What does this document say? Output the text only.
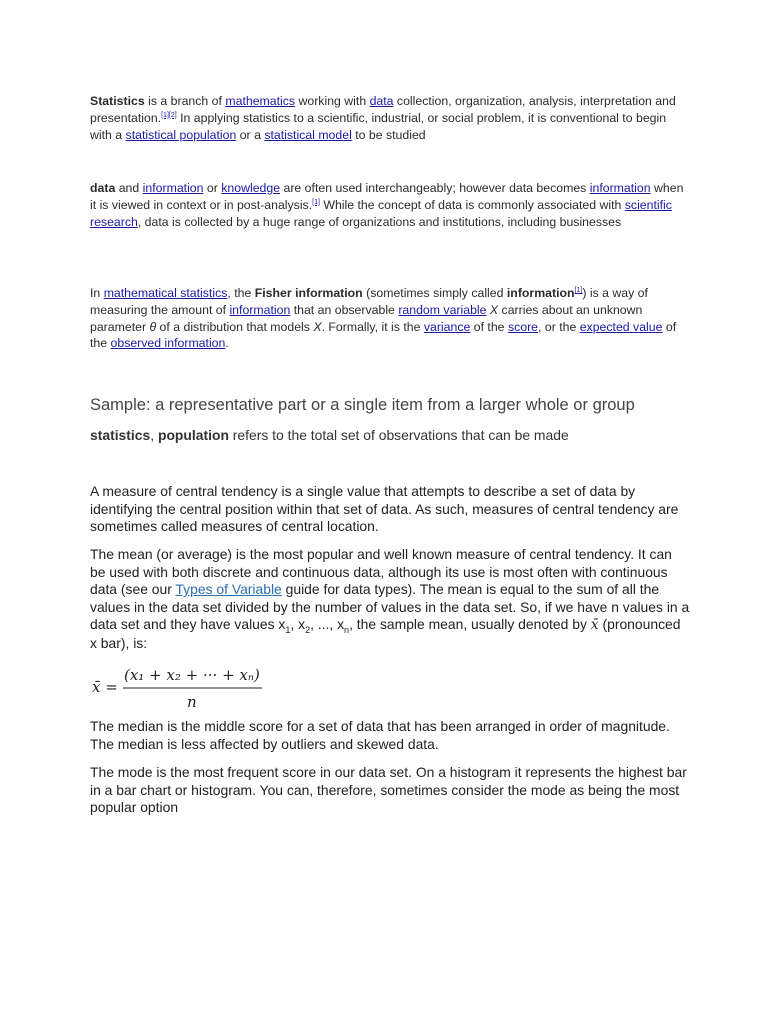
Statistics is a branch of mathematics working with data collection, organization, analysis, interpretation and presentation.[1][2] In applying statistics to a scientific, industrial, or social problem, it is conventional to begin with a statistical population or a statistical model to be studied

data and information or knowledge are often used interchangeably; however data becomes information when it is viewed in context or in post-analysis.[1] While the concept of data is commonly associated with scientific research, data is collected by a huge range of organizations and institutions, including businesses

In mathematical statistics, the Fisher information (sometimes simply called information[1]) is a way of measuring the amount of information that an observable random variable X carries about an unknown parameter θ of a distribution that models X. Formally, it is the variance of the score, or the expected value of the observed information.

Sample: a representative part or a single item from a larger whole or group

statistics, population refers to the total set of observations that can be made

A measure of central tendency is a single value that attempts to describe a set of data by identifying the central position within that set of data. As such, measures of central tendency are sometimes called measures of central location.

The mean (or average) is the most popular and well known measure of central tendency. It can be used with both discrete and continuous data, although its use is most often with continuous data (see our Types of Variable guide for data types). The mean is equal to the sum of all the values in the data set divided by the number of values in the data set. So, if we have n values in a data set and they have values $x_1$, $x_2$, ..., $x_n$, the sample mean, usually denoted by x̄ (pronounced x bar), is:

x̄ =
(x₁ + x₂ + ··· + xₙ)
n

The median is the middle score for a set of data that has been arranged in order of magnitude. The median is less affected by outliers and skewed data.

The mode is the most frequent score in our data set. On a histogram it represents the highest bar in a bar chart or histogram. You can, therefore, sometimes consider the mode as being the most popular option
